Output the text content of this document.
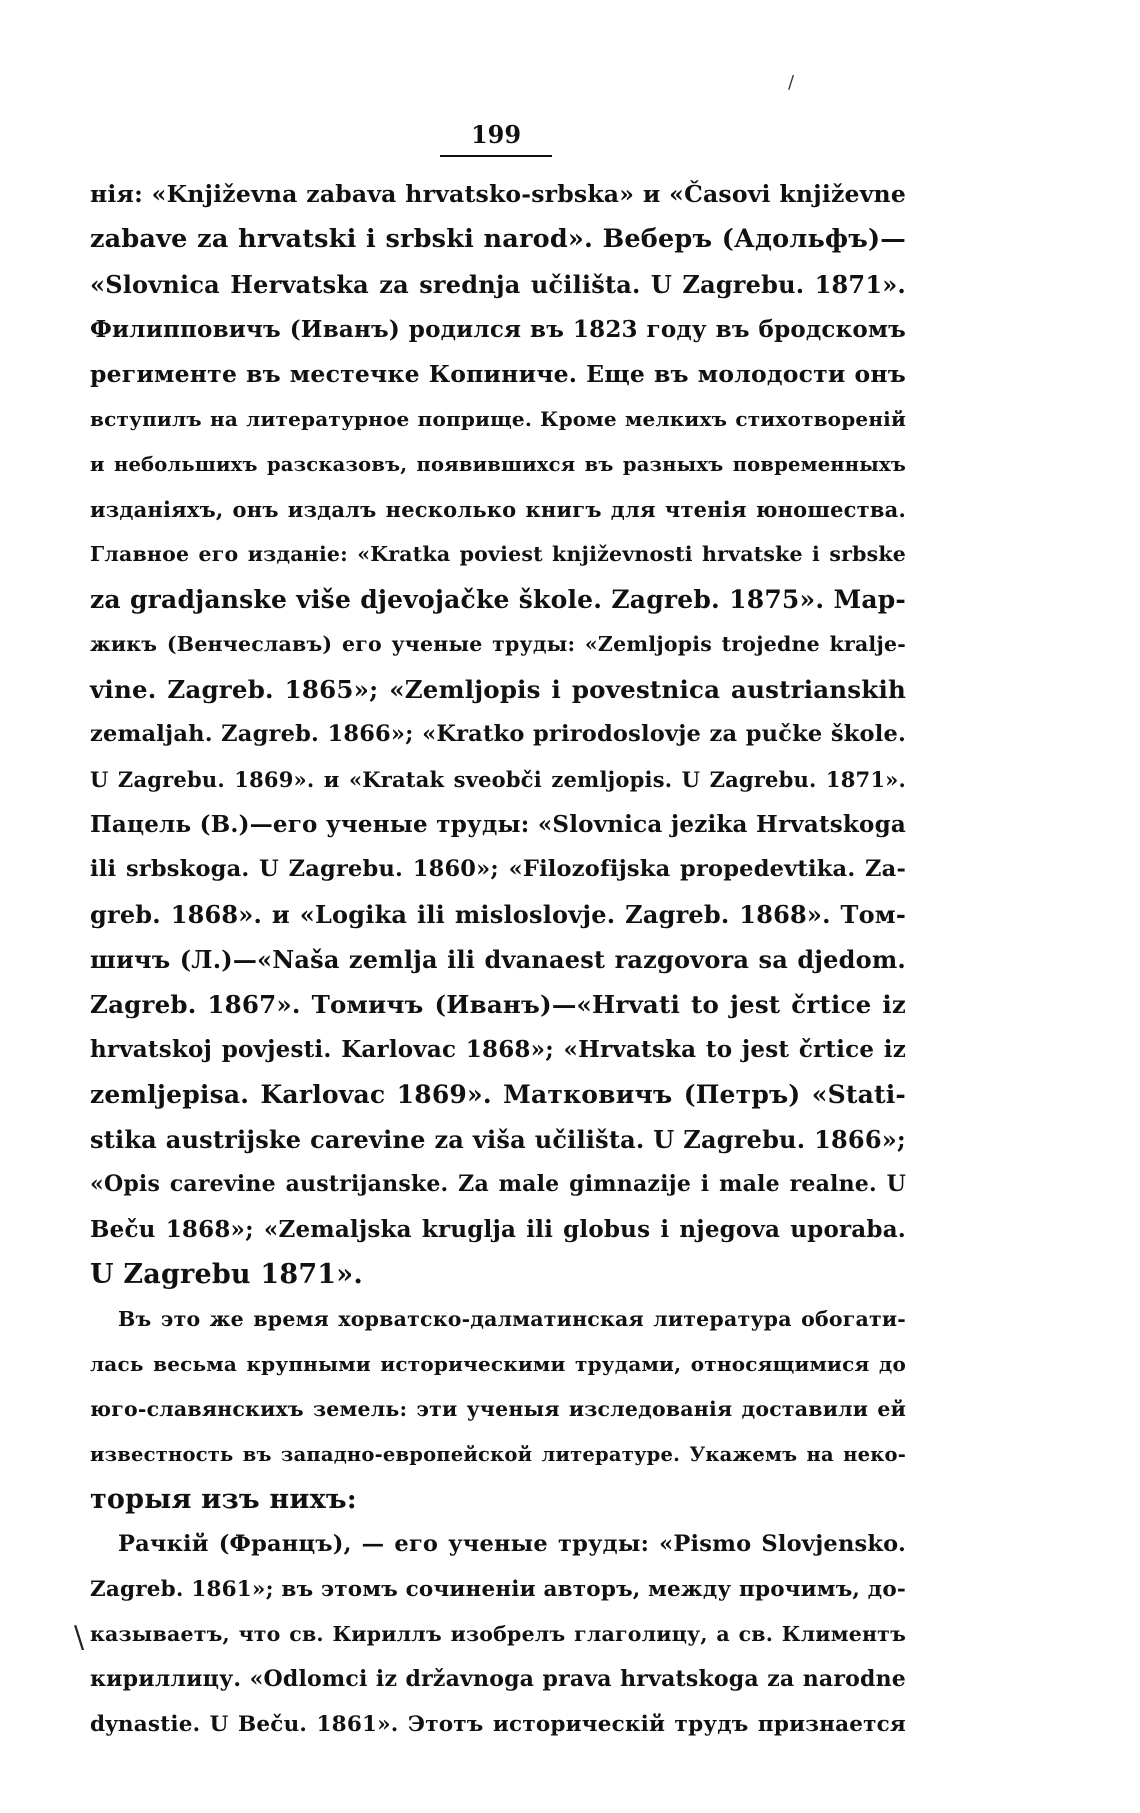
/
199
нія: «Književna zabava hrvatsko-srbska» и «Časovi književne
zabave za hrvatski i srbski narod». Веберъ (Адольфъ)—
«Slovnica Hervatska za srednja učilišta. U Zagrebu. 1871».
Филипповичъ (Иванъ) родился въ 1823 году въ бродскомъ
регименте въ местечке Копиниче. Еще въ молодости онъ
вступилъ на литературное поприще. Кроме мелкихъ стихотвореній
и небольшихъ разсказовъ, появившихся въ разныхъ повременныхъ
изданіяхъ, онъ издалъ несколько книгъ для чтенія юношества.
Главное его изданіе: «Kratka poviest književnosti hrvatske i srbske
za gradjanske više djevojačke škole. Zagreb. 1875». Мар-
жикъ (Венчеславъ) его ученые труды: «Zemljopis trojedne kralje-
vine. Zagreb. 1865»; «Zemljopis i povestnica austrianskih
zemaljah. Zagreb. 1866»; «Kratko prirodoslovje za pučke škole.
U Zagrebu. 1869». и «Kratak sveobči zemljopis. U Zagrebu. 1871».
Пацель (В.)—его ученые труды: «Slovnica jezika Hrvatskoga
ili srbskoga. U Zagrebu. 1860»; «Filozofijska propedevtika. Za-
greb. 1868». и «Logika ili misloslovje. Zagreb. 1868». Том-
шичъ (Л.)—«Naša zemlja ili dvanaest razgovora sa djedom.
Zagreb. 1867». Томичъ (Иванъ)—«Hrvati to jest črtice iz
hrvatskoj povjesti. Karlovac 1868»; «Hrvatska to jest črtice iz
zemljepisa. Karlovac 1869». Матковичъ (Петръ) «Stati-
stika austrijske carevine za viša učilišta. U Zagrebu. 1866»;
«Opis carevine austrijanske. Za male gimnazije i male realne. U
Beču 1868»; «Zemaljska kruglja ili globus i njegova uporaba.
U Zagrebu 1871».
Въ это же время хорватско-далматинская литература обогати-
лась весьма крупными историческими трудами, относящимися до
юго-славянскихъ земель: эти ученыя изследованія доставили ей
известность въ западно-европейской литературе. Укажемъ на неко-
торыя изъ нихъ:
Рачкій (Францъ), — его ученые труды: «Pismo Slovjensko.
Zagreb. 1861»; въ этомъ сочиненіи авторъ, между прочимъ, до-
казываетъ, что св. Кириллъ изобрелъ глаголицу, а св. Климентъ
кириллицу. «Odlomci iz državnoga prava hrvatskoga za narodne
dynastie. U Beču. 1861». Этотъ историческій трудъ признается
\
